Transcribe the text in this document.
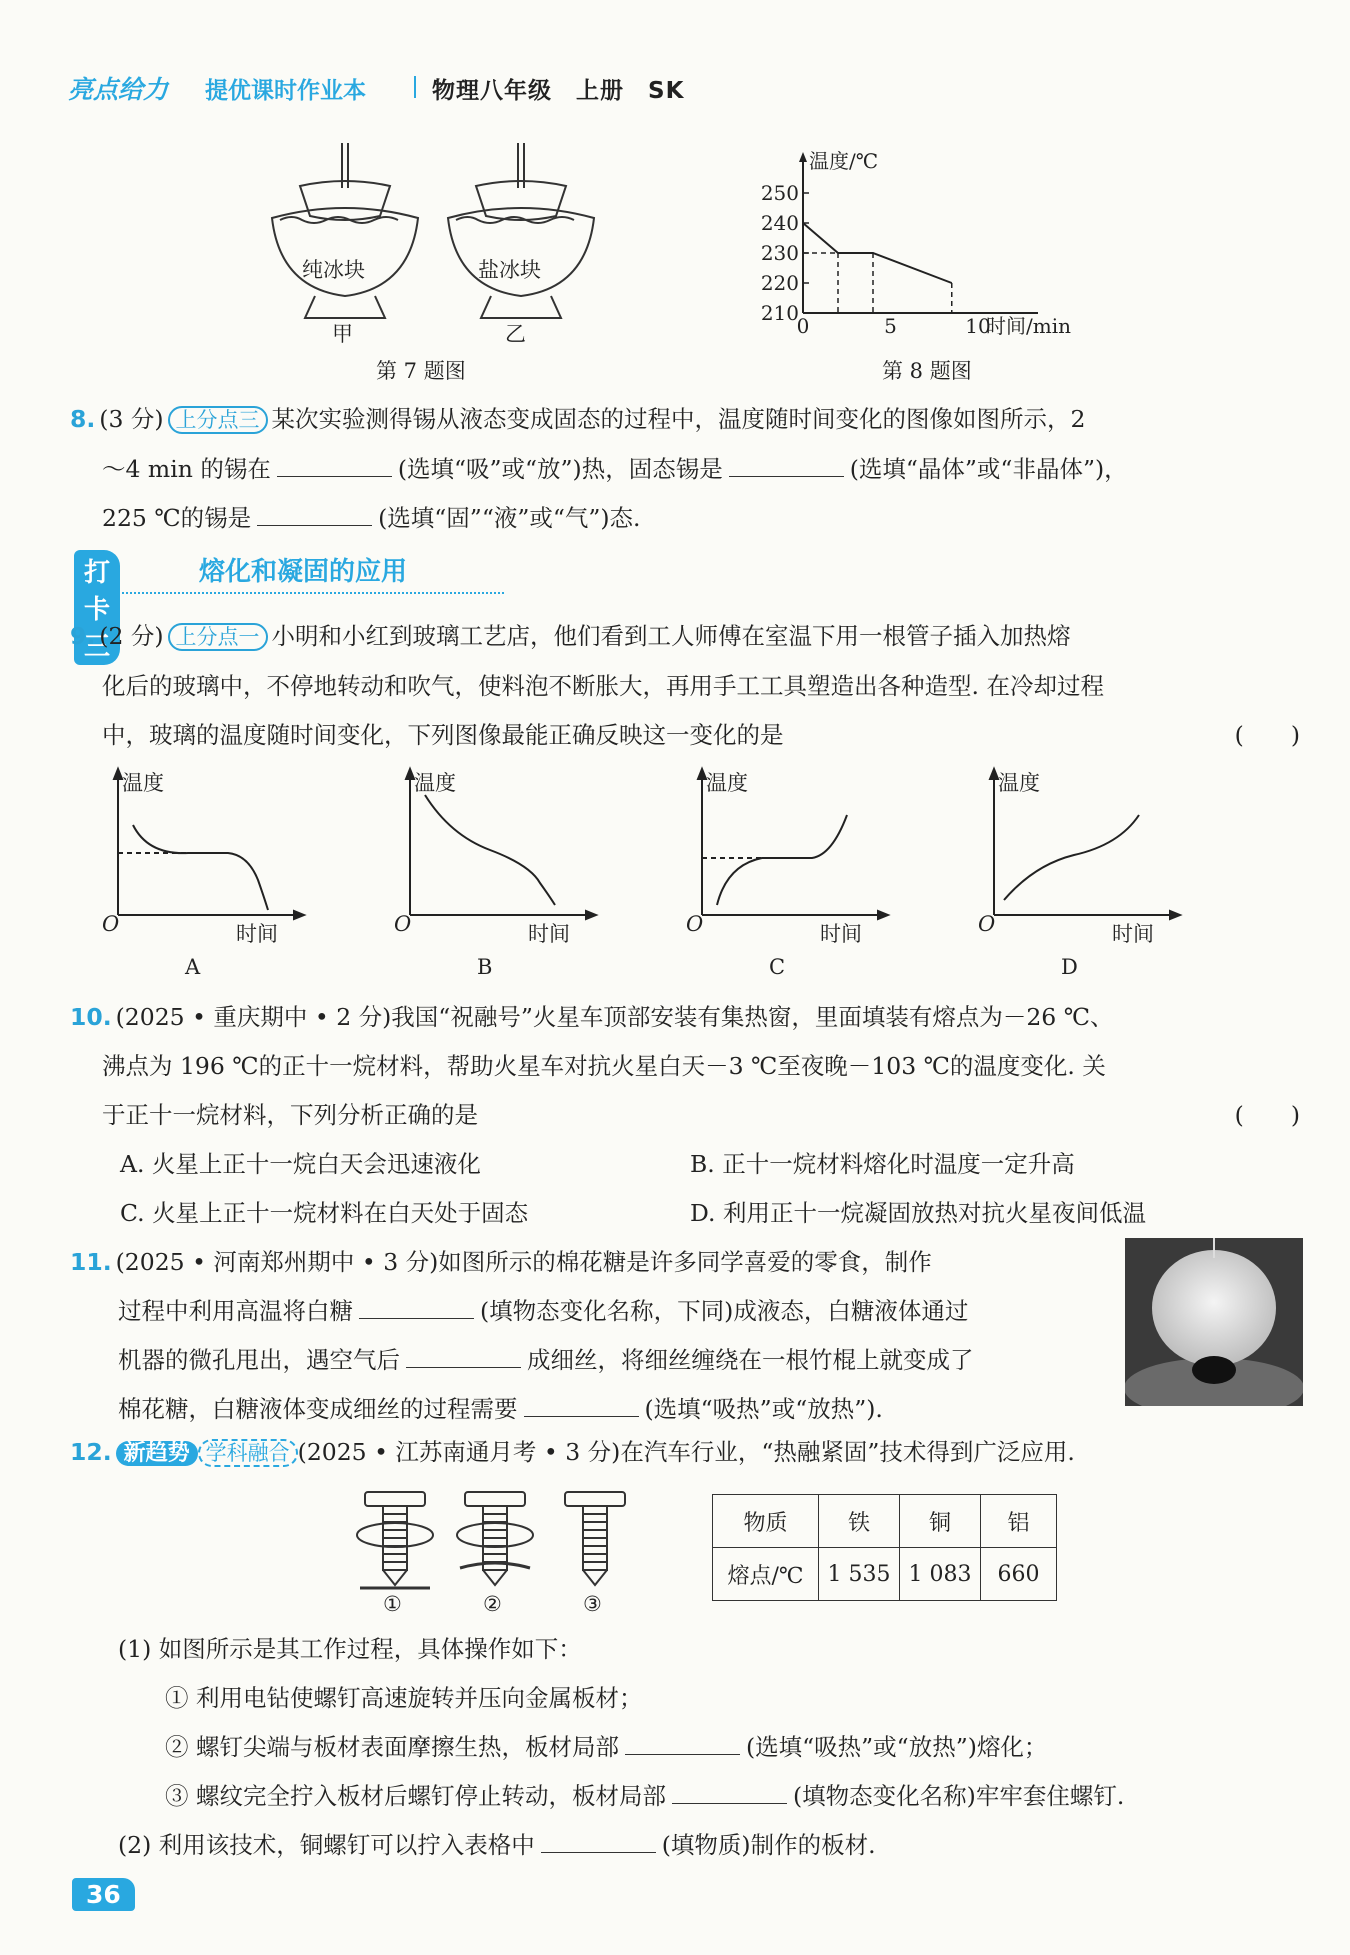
亮点给力 提优课时作业本	物理八年级　上册　SK
纯冰块	盐冰块
甲	乙
第 7 题图
温度/℃
时间/min
250
240
230
220
210
0	5	10
第 8 题图
8. (3 分) 上分点三 某次实验测得锡从液态变成固态的过程中，温度随时间变化的图像如图所示，2
～4 min 的锡在	(选填“吸”或“放”)热，固态锡是	(选填“晶体”或“非晶体”)，
225 ℃的锡是	(选填“固”“液”或“气”)态.
打卡三
熔化和凝固的应用
9. (2 分) 上分点一 小明和小红到玻璃工艺店，他们看到工人师傅在室温下用一根管子插入加热熔
化后的玻璃中，不停地转动和吹气，使料泡不断胀大，再用手工工具塑造出各种造型. 在冷却过程
中，玻璃的温度随时间变化，下列图像最能正确反映这一变化的是	(　　)
温度	温度	温度	温度
时间	时间	时间	时间
O	O	O	O
A	B	C	D
10. (2025 • 重庆期中 • 2 分)我国“祝融号”火星车顶部安装有集热窗，里面填装有熔点为－26 ℃、
沸点为 196 ℃的正十一烷材料，帮助火星车对抗火星白天－3 ℃至夜晚－103 ℃的温度变化. 关
于正十一烷材料，下列分析正确的是	(　　)
A. 火星上正十一烷白天会迅速液化	B. 正十一烷材料熔化时温度一定升高
C. 火星上正十一烷材料在白天处于固态	D. 利用正十一烷凝固放热对抗火星夜间低温
11. (2025 • 河南郑州期中 • 3 分)如图所示的棉花糖是许多同学喜爱的零食，制作
过程中利用高温将白糖	(填物态变化名称，下同)成液态，白糖液体通过
机器的微孔甩出，遇空气后	成细丝，将细丝缠绕在一根竹棍上就变成了
棉花糖，白糖液体变成细丝的过程需要	(选填“吸热”或“放热”).
12. 新趋势 学科融合 (2025 • 江苏南通月考 • 3 分)在汽车行业，“热融紧固”技术得到广泛应用.
①	②	③
物质	铁	铜	铝
熔点/℃	1 535	1 083	660
(1) 如图所示是其工作过程，具体操作如下：
① 利用电钻使螺钉高速旋转并压向金属板材；
② 螺钉尖端与板材表面摩擦生热，板材局部	(选填“吸热”或“放热”)熔化；
③ 螺纹完全拧入板材后螺钉停止转动，板材局部	(填物态变化名称)牢牢套住螺钉.
(2) 利用该技术，铜螺钉可以拧入表格中	(填物质)制作的板材.
36
